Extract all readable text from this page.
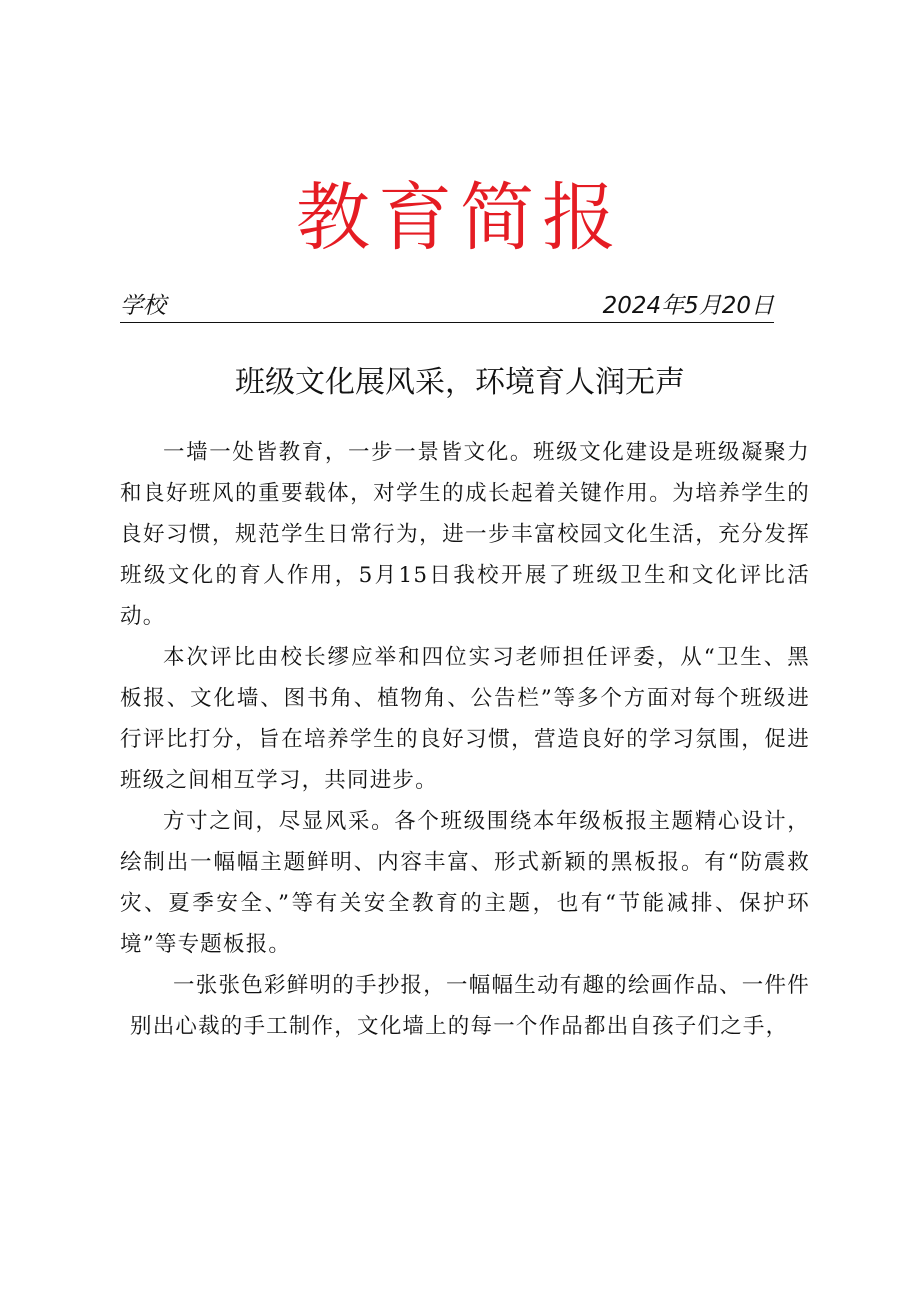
教育简报
学校	2024年5月20日
班级文化展风采，环境育人润无声

一墙一处皆教育，一步一景皆文化。班级文化建设是班级凝聚力和良好班风的重要载体，对学生的成长起着关键作用。为培养学生的良好习惯，规范学生日常行为，进一步丰富校园文化生活，充分发挥班级文化的育人作用，5月15日我校开展了班级卫生和文化评比活动。

本次评比由校长缪应举和四位实习老师担任评委，从“卫生、黑板报、文化墙、图书角、植物角、公告栏”等多个方面对每个班级进行评比打分，旨在培养学生的良好习惯，营造良好的学习氛围，促进班级之间相互学习，共同进步。

方寸之间，尽显风采。各个班级围绕本年级板报主题精心设计，绘制出一幅幅主题鲜明、内容丰富、形式新颖的黑板报。有“防震救灾、夏季安全、”等有关安全教育的主题，也有“节能减排、保护环境”等专题板报。

一张张色彩鲜明的手抄报，一幅幅生动有趣的绘画作品、一件件别出心裁的手工制作，文化墙上的每一个作品都出自孩子们之手，
